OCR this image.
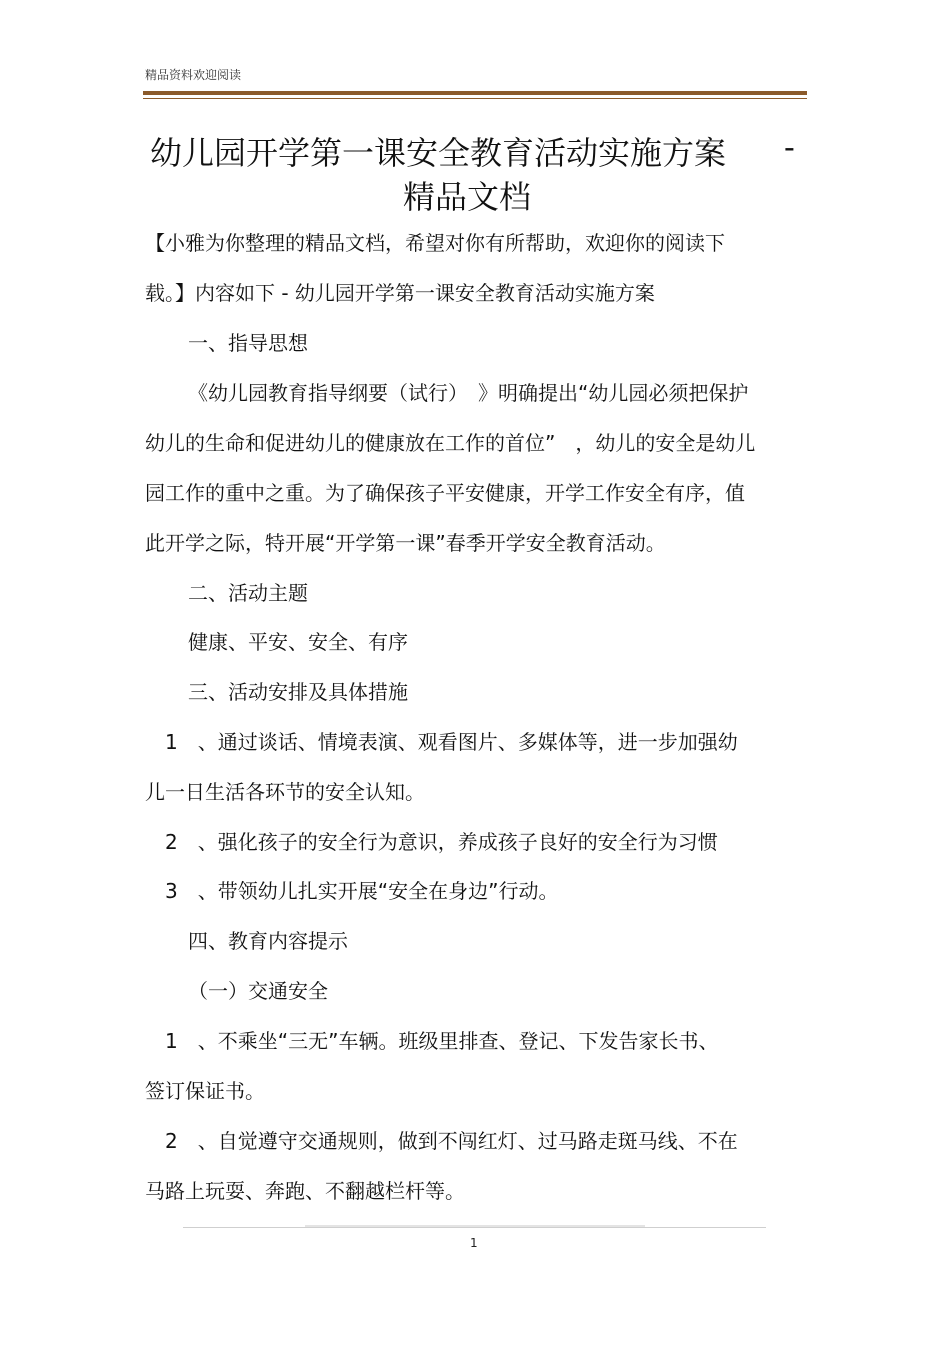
精品资料欢迎阅读
幼儿园开学第一课安全教育活动实施方案 -
精品文档
【小雅为你整理的精品文档，希望对你有所帮助，欢迎你的阅读下
载。】内容如下 - 幼儿园开学第一课安全教育活动实施方案
一、指导思想
《幼儿园教育指导纲要（试行）　》明确提出“幼儿园必须把保护
幼儿的生命和促进幼儿的健康放在工作的首位”　，幼儿的安全是幼儿
园工作的重中之重。为了确保孩子平安健康，开学工作安全有序，值
此开学之际，特开展“开学第一课”春季开学安全教育活动。
二、活动主题
健康、平安、安全、有序
三、活动安排及具体措施
1　、通过谈话、情境表演、观看图片、多媒体等，进一步加强幼
儿一日生活各环节的安全认知。
2　、强化孩子的安全行为意识，养成孩子良好的安全行为习惯
3　、带领幼儿扎实开展“安全在身边”行动。
四、教育内容提示
（一）交通安全
1　、不乘坐“三无”车辆。班级里排查、登记、下发告家长书、
签订保证书。
2　、自觉遵守交通规则，做到不闯红灯、过马路走斑马线、不在
马路上玩耍、奔跑、不翻越栏杆等。
1
